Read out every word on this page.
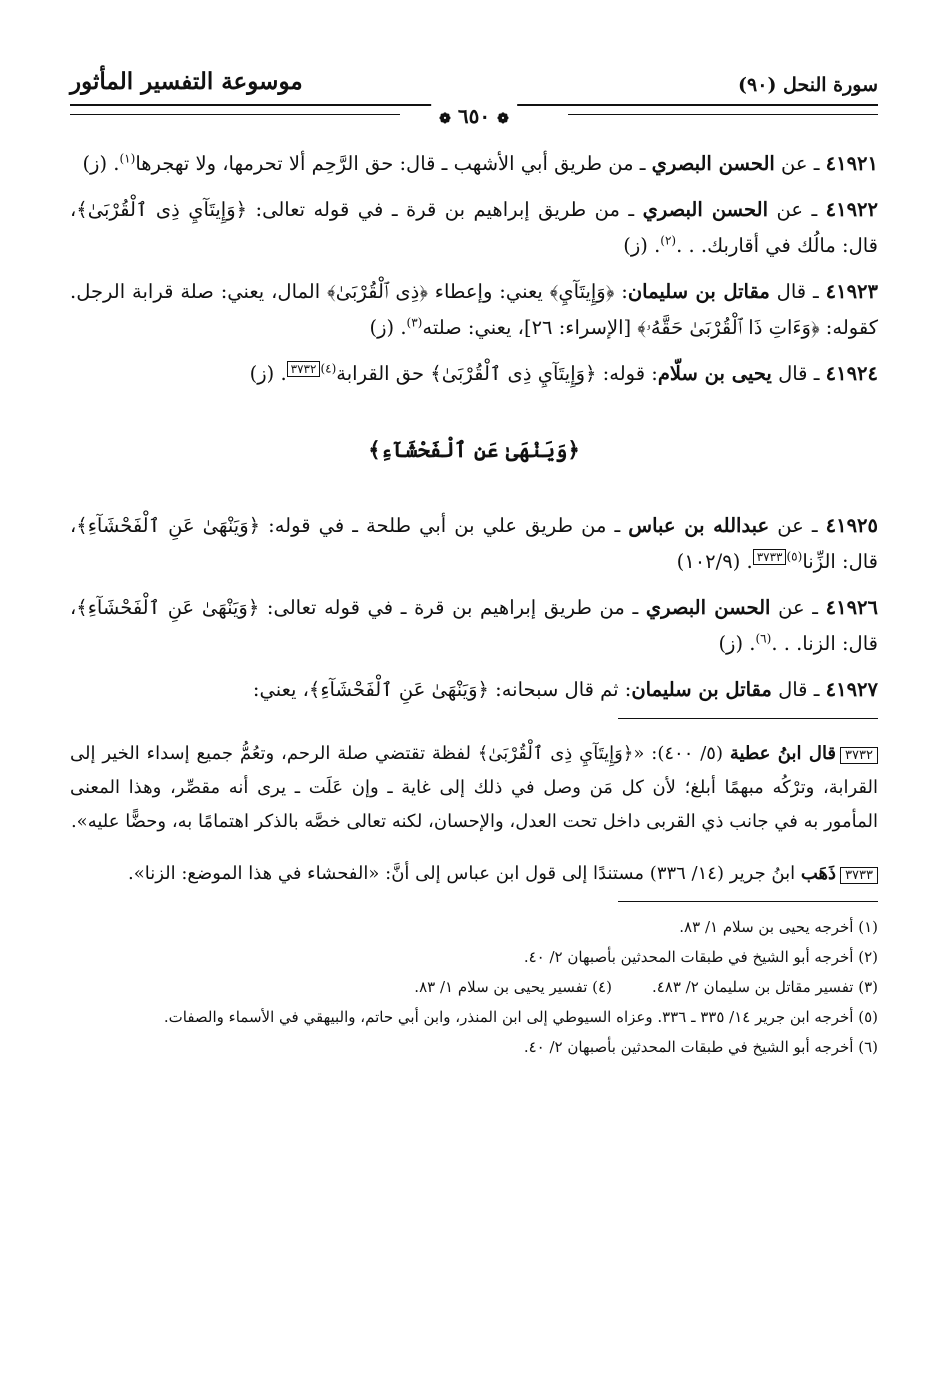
سورة النحل (٩٠)
موسوعة التفسير المأثور
❁ ٦٥٠ ❁

٤١٩٢١ ـ عن الحسن البصري ـ من طريق أبي الأشهب ـ قال: حق الرَّحِم ألا تحرمها، ولا تهجرها$^{(١)}$. (ز)

٤١٩٢٢ ـ عن الحسن البصري ـ من طريق إبراهيم بن قرة ـ في قوله تعالى: ﴿وَإِيتَآيِ ذِى ٱلْقُرْبَىٰ﴾، قال: مالُك في أقاربك. . .$^{(٢)}$. (ز)

٤١٩٢٣ ـ قال مقاتل بن سليمان: ﴿وَإِيتَآيِ﴾ يعني: وإعطاء ﴿ذِى ٱلْقُرْبَىٰ﴾ المال، يعني: صلة قرابة الرجل. كقوله: ﴿وَءَاتِ ذَا ٱلْقُرْبَىٰ حَقَّهُۥ﴾ [الإسراء: ٢٦]، يعني: صلته$^{(٣)}$. (ز)

٤١٩٢٤ ـ قال يحيى بن سلّام: قوله: ﴿وَإِيتَآيِ ذِى ٱلْقُرْبَىٰ﴾ حق القرابة$^{(٤)}$٣٧٣٢. (ز)

﴿وَيَنْهَىٰ عَنِ ٱلْفَحْشَآءِ﴾

٤١٩٢٥ ـ عن عبدالله بن عباس ـ من طريق علي بن أبي طلحة ـ في قوله: ﴿وَيَنْهَىٰ عَنِ ٱلْفَحْشَآءِ﴾، قال: الزِّنا$^{(٥)}$٣٧٣٣. (١٠٢/٩)

٤١٩٢٦ ـ عن الحسن البصري ـ من طريق إبراهيم بن قرة ـ في قوله تعالى: ﴿وَيَنْهَىٰ عَنِ ٱلْفَحْشَآءِ﴾، قال: الزنا. . .$^{(٦)}$. (ز)

٤١٩٢٧ ـ قال مقاتل بن سليمان: ثم قال سبحانه: ﴿وَيَنْهَىٰ عَنِ ٱلْفَحْشَآءِ﴾، يعني:

٣٧٣٢قال ابنُ عطية (٥/ ٤٠٠): «﴿وَإِيتَآيِ ذِى ٱلْقُرْبَىٰ﴾ لفظة تقتضي صلة الرحم، وتعُمُّ جميع إسداء الخير إلى القرابة، وترْكُه مبهمًا أبلغ؛ لأن كل مَن وصل في ذلك إلى غاية ـ وإن عَلَت ـ يرى أنه مقصِّر، وهذا المعنى المأمور به في جانب ذي القربى داخل تحت العدل، والإحسان، لكنه تعالى خصَّه بالذكر اهتمامًا به، وحضًّا عليه».

٣٧٣٣ذَهَب ابنُ جرير (١٤/ ٣٣٦) مستندًا إلى قول ابن عباس إلى أنَّ: «الفحشاء في هذا الموضع: الزنا».

(١) أخرجه يحيى بن سلام ١/ ٨٣.
(٢) أخرجه أبو الشيخ في طبقات المحدثين بأصبهان ٢/ ٤٠.
(٣) تفسير مقاتل بن سليمان ٢/ ٤٨٣.
(٤) تفسير يحيى بن سلام ١/ ٨٣.
(٥) أخرجه ابن جرير ١٤/ ٣٣٥ ـ ٣٣٦. وعزاه السيوطي إلى ابن المنذر، وابن أبي حاتم، والبيهقي في الأسماء والصفات.
(٦) أخرجه أبو الشيخ في طبقات المحدثين بأصبهان ٢/ ٤٠.
